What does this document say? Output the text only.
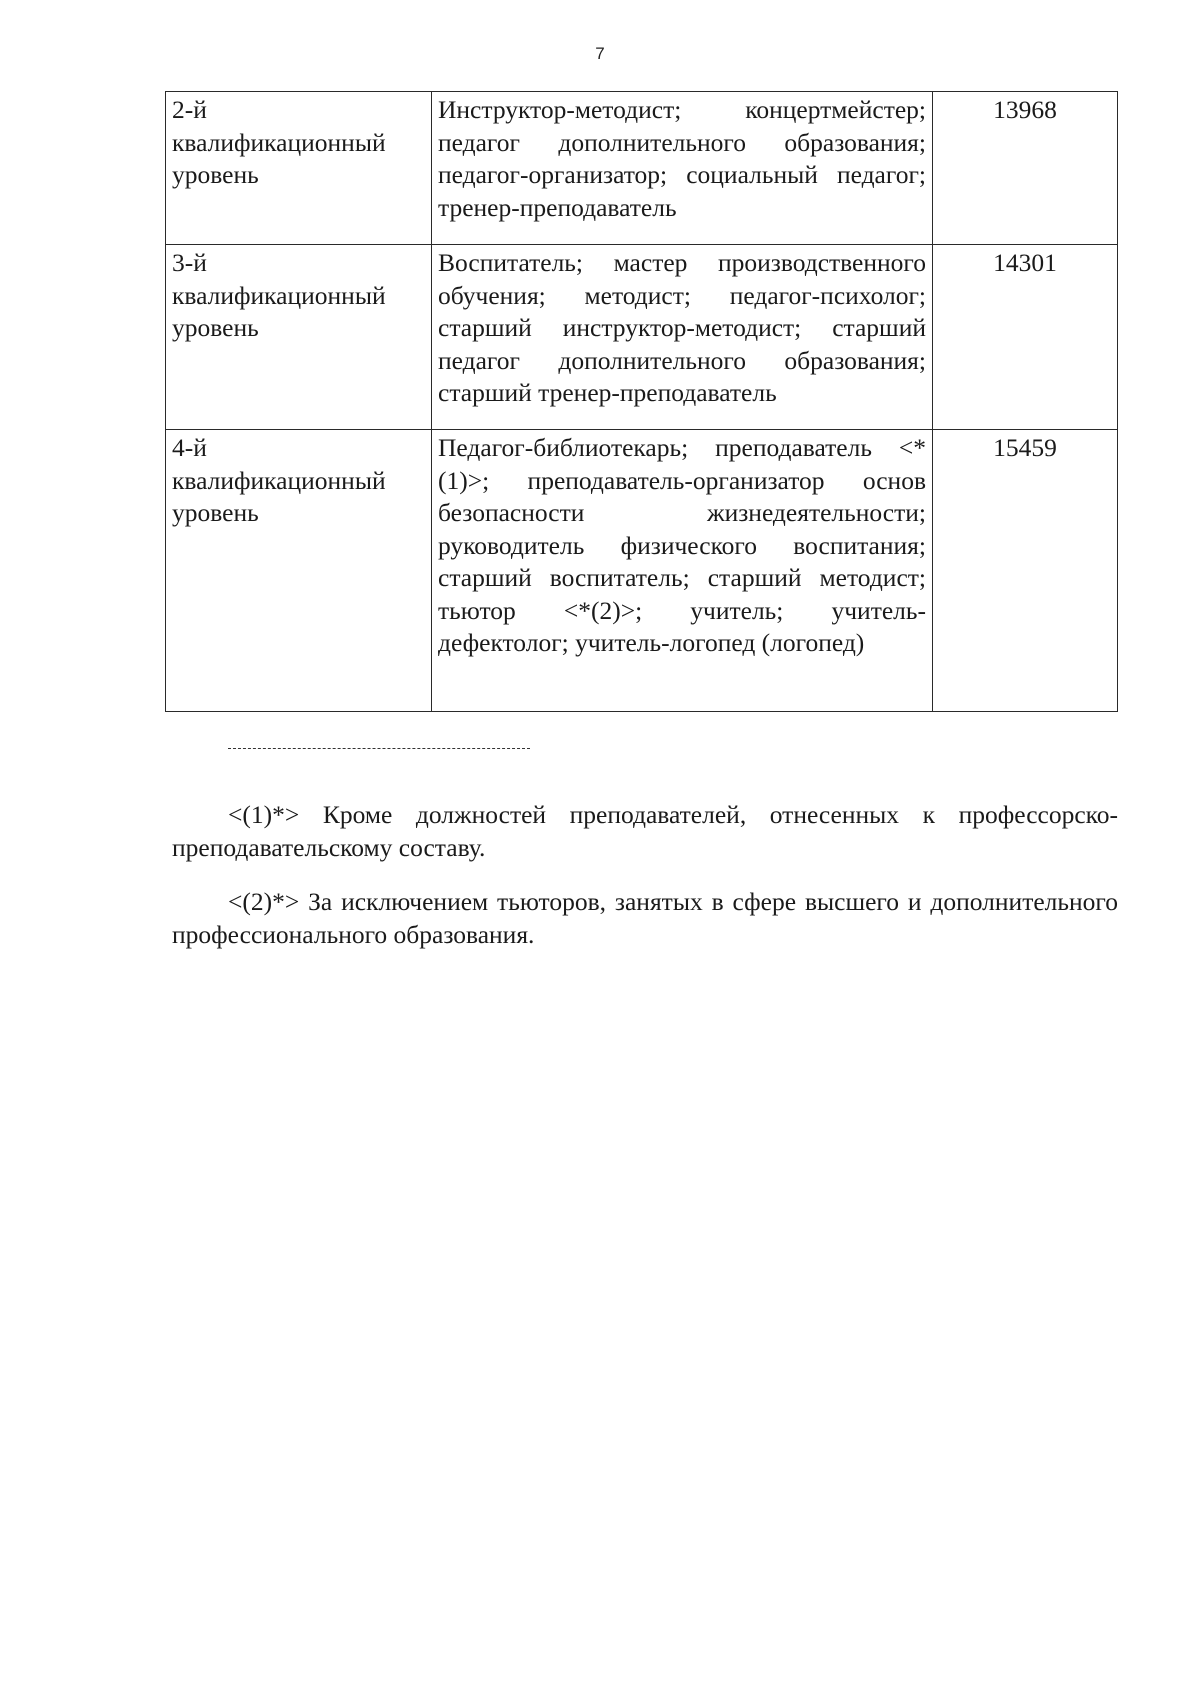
7
2-й квалификационный уровень	Инструктор-методист; концертмейстер; педагог дополнительного образования; педагог-организатор; социальный педагог; тренер-преподаватель	13968
3-й квалификационный уровень	Воспитатель; мастер производственного обучения; методист; педагог-психолог; старший инструктор-методист; старший педагог дополнительного образования; старший тренер-преподаватель	14301
4-й квалификационный уровень	Педагог-библиотекарь; преподаватель <*(1)>; преподаватель-организатор основ безопасности жизнедеятельности; руководитель физического воспитания; старший воспитатель; старший методист; тьютор <*(2)>; учитель; учитель-дефектолог; учитель-логопед (логопед)	15459

<(1)*> Кроме должностей преподавателей, отнесенных к профессорско-преподавательскому составу.

<(2)*> За исключением тьюторов, занятых в сфере высшего и дополнительного профессионального образования.
